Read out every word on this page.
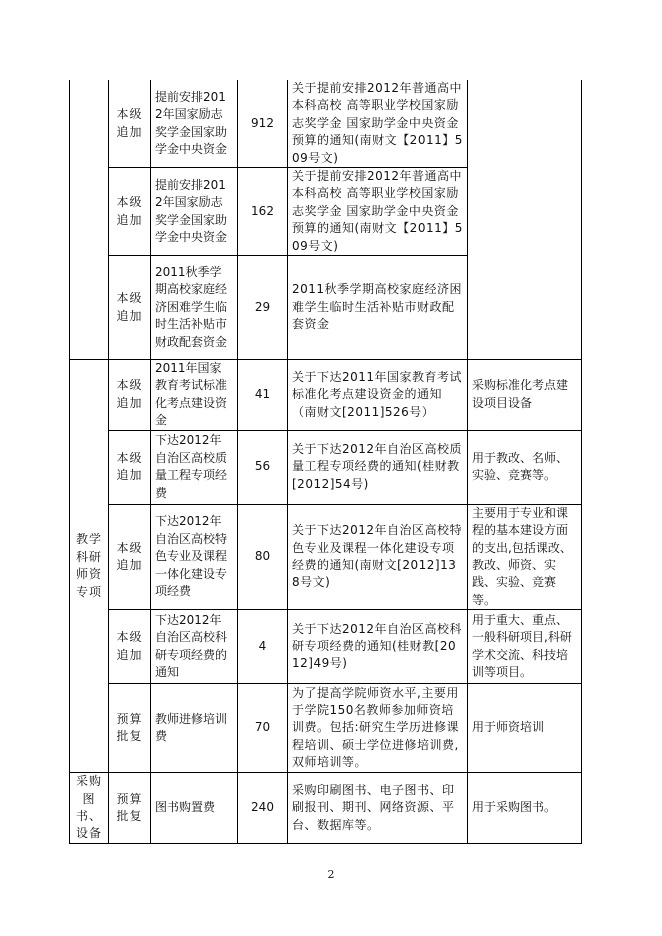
	本级追加	提前安排2012年国家励志奖学金国家助学金中央资金	912	关于提前安排2012年普通高中本科高校 高等职业学校国家励志奖学金 国家助学金中央资金预算的通知(南财文【2011】509号文)	
	本级追加	提前安排2012年国家励志奖学金国家助学金中央资金	162	关于提前安排2012年普通高中本科高校 高等职业学校国家励志奖学金 国家助学金中央资金预算的通知(南财文【2011】509号文)	
	本级追加	2011秋季学期高校家庭经济困难学生临时生活补贴市财政配套资金	29	2011秋季学期高校家庭经济困难学生临时生活补贴市财政配套资金	
教学科研师资专项	本级追加	2011年国家教育考试标准化考点建设资金	41	关于下达2011年国家教育考试标准化考点建设资金的通知（南财文[2011]526号）	采购标准化考点建设项目设备
	本级追加	下达2012年自治区高校质量工程专项经费	56	关于下达2012年自治区高校质量工程专项经费的通知(桂财教[2012]54号)	用于教改、名师、实验、竞赛等。
	本级追加	下达2012年自治区高校特色专业及课程一体化建设专项经费	80	关于下达2012年自治区高校特色专业及课程一体化建设专项经费的通知(南财文[2012]138号文)	主要用于专业和课程的基本建设方面的支出,包括课改、教改、师资、实践、实验、竞赛等。
	本级追加	下达2012年自治区高校科研专项经费的通知	4	关于下达2012年自治区高校科研专项经费的通知(桂财教[2012]49号)	用于重大、重点、一般科研项目,科研学术交流、科技培训等项目。
	预算批复	教师进修培训费	70	为了提高学院师资水平,主要用于学院150名教师参加师资培训费。包括:研究生学历进修课程培训、硕士学位进修培训费, 双师培训等。	用于师资培训
采购图书、设备	预算批复	图书购置费	240	采购印刷图书、电子图书、印刷报刊、期刊、网络资源、平台、数据库等。	用于采购图书。
2
